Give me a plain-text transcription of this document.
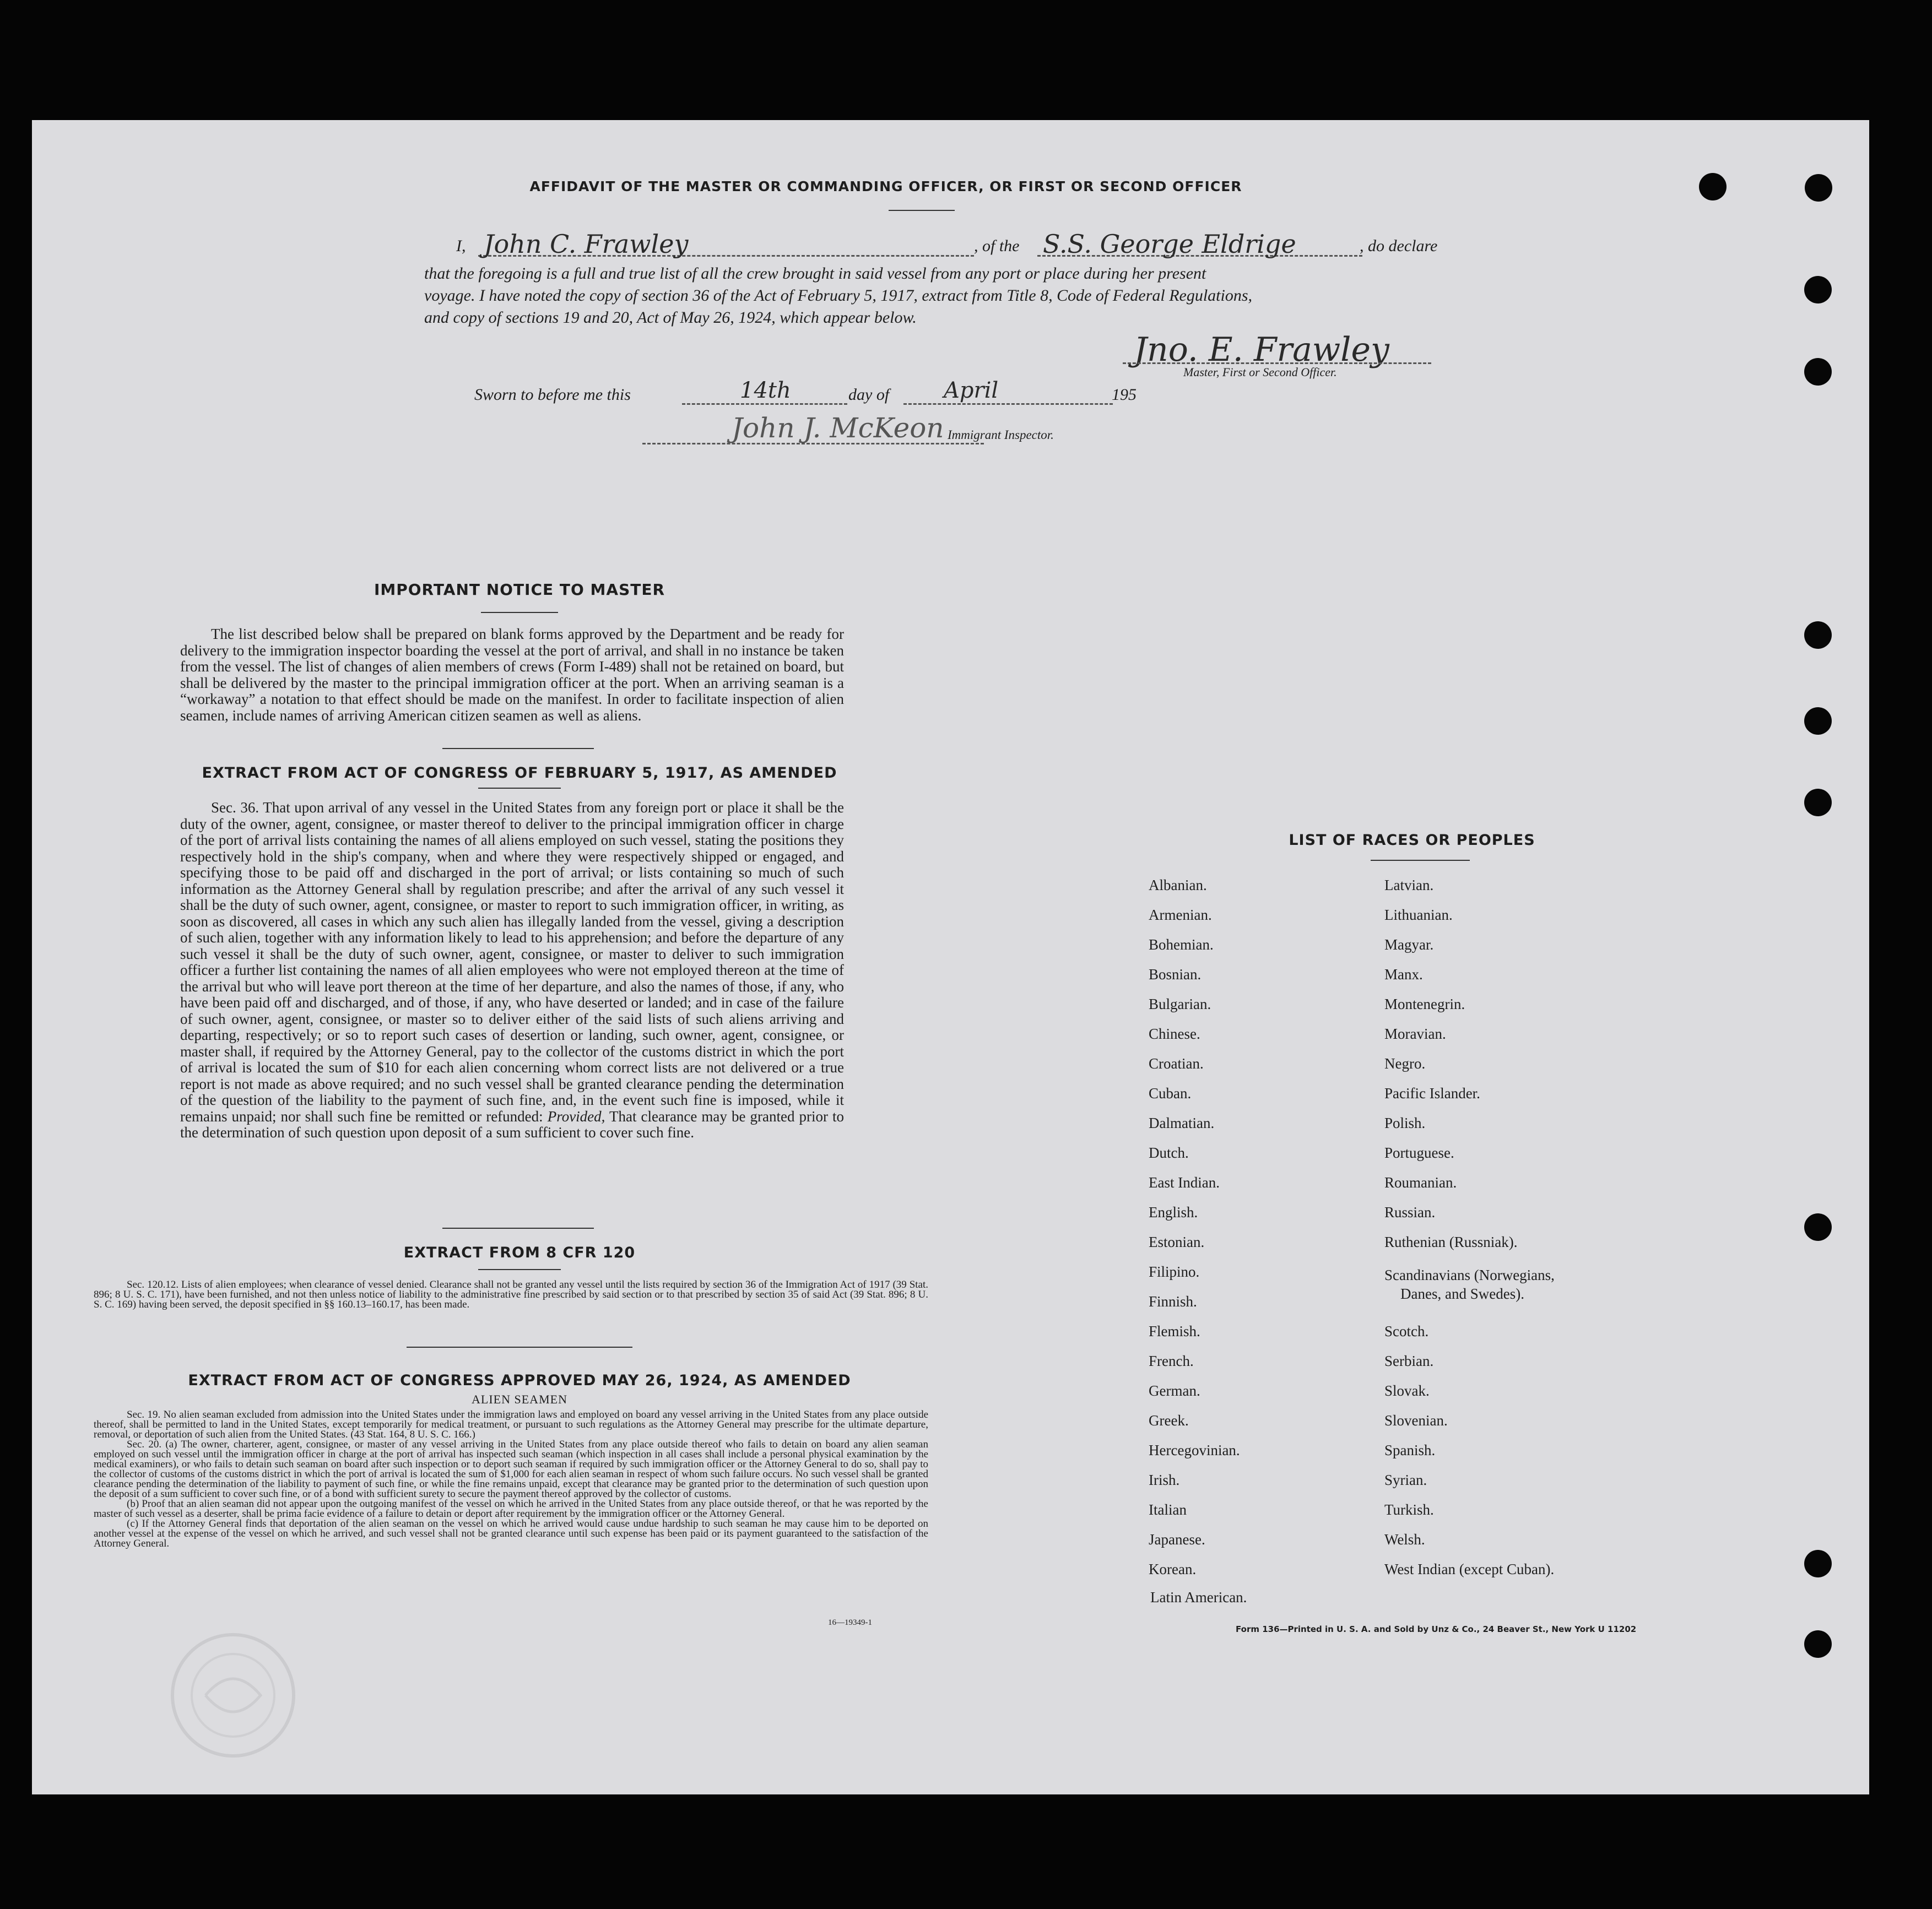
AFFIDAVIT OF THE MASTER OR COMMANDING OFFICER, OR FIRST OR SECOND OFFICER
I, John C. Frawley	, of the S.S. George Eldrige	, do declare
that the foregoing is a full and true list of all the crew brought in said vessel from any port or place during her present
voyage. I have noted the copy of section 36 of the Act of February 5, 1917, extract from Title 8, Code of Federal Regulations,
and copy of sections 19 and 20, Act of May 26, 1924, which appear below.
Jno. E. Frawley
Master, First or Second Officer.
Sworn to before me this	14th	day of April	195
John J. McKeon Immigrant Inspector.
IMPORTANT NOTICE TO MASTER
The list described below shall be prepared on blank forms approved by the Department and be ready for delivery to the immigration inspector boarding the vessel at the port of arrival, and shall in no instance be taken from the vessel. The list of changes of alien members of crews (Form I-489) shall not be retained on board, but shall be delivered by the master to the principal immigration officer at the port. When an arriving seaman is a “workaway” a notation to that effect should be made on the manifest. In order to facilitate inspection of alien seamen, include names of arriving American citizen seamen as well as aliens.
EXTRACT FROM ACT OF CONGRESS OF FEBRUARY 5, 1917, AS AMENDED
Sec. 36. That upon arrival of any vessel in the United States from any foreign port or place it shall be the duty of the owner, agent, consignee, or master thereof to deliver to the principal immigration officer in charge of the port of arrival lists containing the names of all aliens employed on such vessel, stating the positions they respectively hold in the ship's company, when and where they were respectively shipped or engaged, and specifying those to be paid off and discharged in the port of arrival; or lists containing so much of such information as the Attorney General shall by regulation prescribe; and after the arrival of any such vessel it shall be the duty of such owner, agent, consignee, or master to report to such immigration officer, in writing, as soon as discovered, all cases in which any such alien has illegally landed from the vessel, giving a description of such alien, together with any information likely to lead to his apprehension; and before the departure of any such vessel it shall be the duty of such owner, agent, consignee, or master to deliver to such immigration officer a further list containing the names of all alien employees who were not employed thereon at the time of the arrival but who will leave port thereon at the time of her departure, and also the names of those, if any, who have been paid off and discharged, and of those, if any, who have deserted or landed; and in case of the failure of such owner, agent, consignee, or master so to deliver either of the said lists of such aliens arriving and departing, respectively; or so to report such cases of desertion or landing, such owner, agent, consignee, or master shall, if required by the Attorney General, pay to the collector of the customs district in which the port of arrival is located the sum of $10 for each alien concerning whom correct lists are not delivered or a true report is not made as above required; and no such vessel shall be granted clearance pending the determination of the question of the liability to the payment of such fine, and, in the event such fine is imposed, while it remains unpaid; nor shall such fine be remitted or refunded: Provided, That clearance may be granted prior to the determination of such question upon deposit of a sum sufficient to cover such fine.
EXTRACT FROM 8 CFR 120
Sec. 120.12. Lists of alien employees; when clearance of vessel denied. Clearance shall not be granted any vessel until the lists required by section 36 of the Immigration Act of 1917 (39 Stat. 896; 8 U. S. C. 171), have been furnished, and not then unless notice of liability to the administrative fine prescribed by said section or to that prescribed by section 35 of said Act (39 Stat. 896; 8 U. S. C. 169) having been served, the deposit specified in §§ 160.13–160.17, has been made.
EXTRACT FROM ACT OF CONGRESS APPROVED MAY 26, 1924, AS AMENDED
ALIEN SEAMEN
Sec. 19. No alien seaman excluded from admission into the United States under the immigration laws and employed on board any vessel arriving in the United States from any place outside thereof, shall be permitted to land in the United States, except temporarily for medical treatment, or pursuant to such regulations as the Attorney General may prescribe for the ultimate departure, removal, or deportation of such alien from the United States. (43 Stat. 164, 8 U. S. C. 166.)
Sec. 20. (a) The owner, charterer, agent, consignee, or master of any vessel arriving in the United States from any place outside thereof who fails to detain on board any alien seaman employed on such vessel until the immigration officer in charge at the port of arrival has inspected such seaman (which inspection in all cases shall include a personal physical examination by the medical examiners), or who fails to detain such seaman on board after such inspection or to deport such seaman if required by such immigration officer or the Attorney General to do so, shall pay to the collector of customs of the customs district in which the port of arrival is located the sum of $1,000 for each alien seaman in respect of whom such failure occurs. No such vessel shall be granted clearance pending the determination of the liability to payment of such fine, or while the fine remains unpaid, except that clearance may be granted prior to the determination of such question upon the deposit of a sum sufficient to cover such fine, or of a bond with sufficient surety to secure the payment thereof approved by the collector of customs.
(b) Proof that an alien seaman did not appear upon the outgoing manifest of the vessel on which he arrived in the United States from any place outside thereof, or that he was reported by the master of such vessel as a deserter, shall be prima facie evidence of a failure to detain or deport after requirement by the immigration officer or the Attorney General.
(c) If the Attorney General finds that deportation of the alien seaman on the vessel on which he arrived would cause undue hardship to such seaman he may cause him to be deported on another vessel at the expense of the vessel on which he arrived, and such vessel shall not be granted clearance until such expense has been paid or its payment guaranteed to the satisfaction of the Attorney General.
16—19349-1
LIST OF RACES OR PEOPLES
Albanian.
Armenian.
Bohemian.
Bosnian.
Bulgarian.
Chinese.
Croatian.
Cuban.
Dalmatian.
Dutch.
East Indian.
English.
Estonian.
Filipino.
Finnish.
Flemish.
French.
German.
Greek.
Hercegovinian.
Irish.
Italian
Japanese.
Korean.
Latin American.
Latvian.
Lithuanian.
Magyar.
Manx.
Montenegrin.
Moravian.
Negro.
Pacific Islander.
Polish.
Portuguese.
Roumanian.
Russian.
Ruthenian (Russniak).
Scandinavians (Norwegians,
Danes, and Swedes).
Scotch.
Serbian.
Slovak.
Slovenian.
Spanish.
Syrian.
Turkish.
Welsh.
West Indian (except Cuban).
Form 136—Printed in U. S. A. and Sold by Unz & Co., 24 Beaver St., New York U 11202
